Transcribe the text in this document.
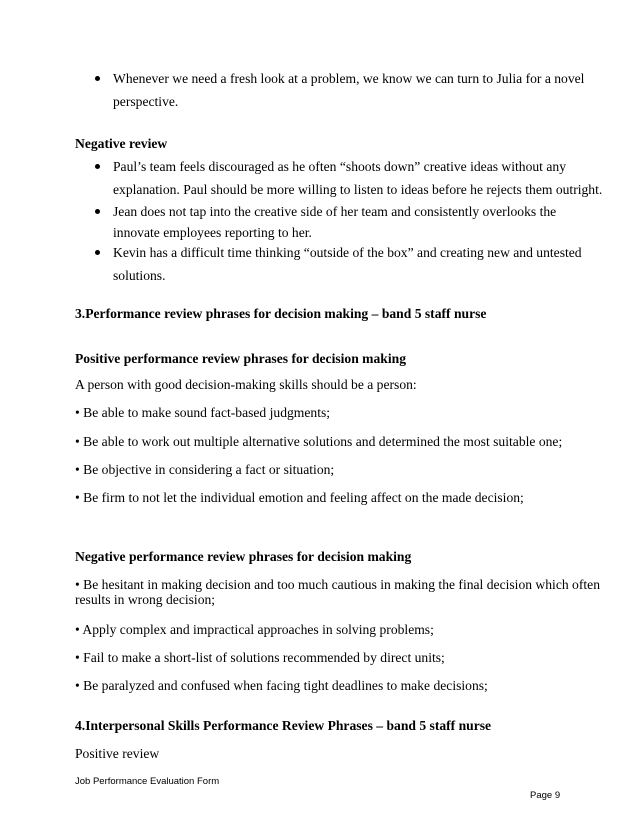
Whenever we need a fresh look at a problem, we know we can turn to Julia for a novel
perspective.
Negative review
Paul’s team feels discouraged as he often “shoots down” creative ideas without any
explanation. Paul should be more willing to listen to ideas before he rejects them outright.
Jean does not tap into the creative side of her team and consistently overlooks the
innovate employees reporting to her.
Kevin has a difficult time thinking “outside of the box” and creating new and untested
solutions.
3.Performance review phrases for decision making – band 5 staff nurse
Positive performance review phrases for decision making
A person with good decision-making skills should be a person:
• Be able to make sound fact-based judgments;
• Be able to work out multiple alternative solutions and determined the most suitable one;
• Be objective in considering a fact or situation;
• Be firm to not let the individual emotion and feeling affect on the made decision;
Negative performance review phrases for decision making
• Be hesitant in making decision and too much cautious in making the final decision which often
results in wrong decision;
• Apply complex and impractical approaches in solving problems;
• Fail to make a short-list of solutions recommended by direct units;
• Be paralyzed and confused when facing tight deadlines to make decisions;
4.Interpersonal Skills Performance Review Phrases – band 5 staff nurse
Positive review
Job Performance Evaluation Form
Page 9
